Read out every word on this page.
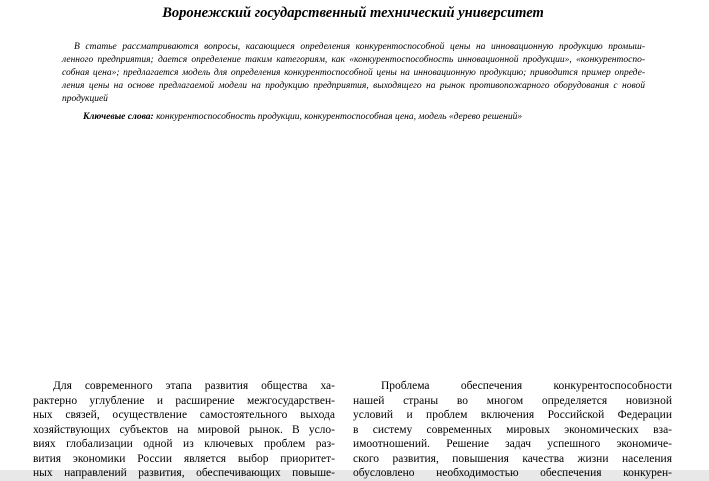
Воронежский государственный технический университет
В статье рассматриваются вопросы, касающиеся определения конкурентоспособной цены на инновационную продукцию промыш-
ленного предприятия; дается определение таким категориям, как «конкурентоспособность инновационной продукции», «конкурентоспо-
собная цена»; предлагается модель для определения конкурентоспособной цены на инновационную продукцию; приводится пример опреде-
ления цены на основе предлагаемой модели на продукцию предприятия, выходящего на рынок противопожарного оборудования с новой
продукцией
Ключевые слова: конкурентоспособность продукции, конкурентоспособная цена, модель «дерево решений»
Для современного этапа развития общества ха-
рактерно углубление и расширение межгосударствен-
ных связей, осуществление самостоятельного выхода
хозяйствующих субъектов на мировой рынок. В усло-
виях глобализации одной из ключевых проблем раз-
вития экономики России является выбор приоритет-
ных направлений развития, обеспечивающих повыше-
Проблема обеспечения конкурентоспособности
нашей страны во многом определяется новизной
условий и проблем включения Российской Федерации
в систему современных мировых экономических вза-
имоотношений. Решение задач успешного экономиче-
ского развития, повышения качества жизни населения
обусловлено необходимостью обеспечения конкурен-
